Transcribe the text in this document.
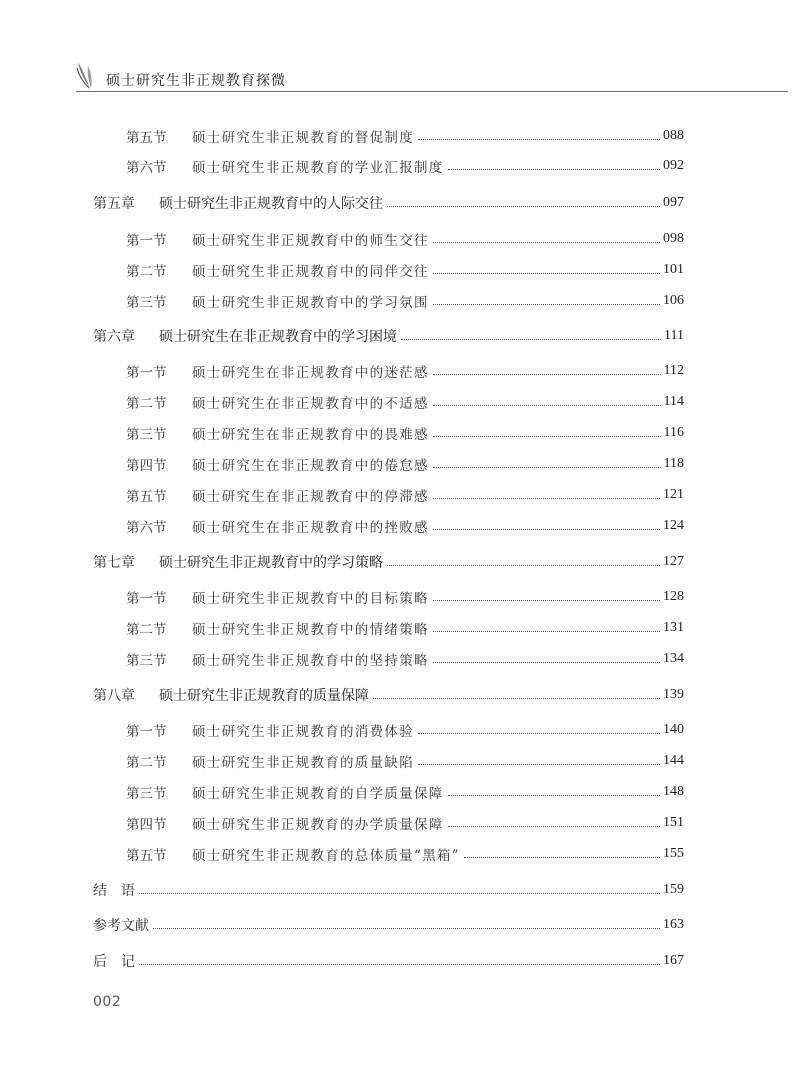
硕士研究生非正规教育探微
第五节	硕士研究生非正规教育的督促制度	088
第六节	硕士研究生非正规教育的学业汇报制度	092
第五章	硕士研究生非正规教育中的人际交往	097
第一节	硕士研究生非正规教育中的师生交往	098
第二节	硕士研究生非正规教育中的同伴交往	101
第三节	硕士研究生非正规教育中的学习氛围	106
第六章	硕士研究生在非正规教育中的学习困境	111
第一节	硕士研究生在非正规教育中的迷茫感	112
第二节	硕士研究生在非正规教育中的不适感	114
第三节	硕士研究生在非正规教育中的畏难感	116
第四节	硕士研究生在非正规教育中的倦怠感	118
第五节	硕士研究生在非正规教育中的停滞感	121
第六节	硕士研究生在非正规教育中的挫败感	124
第七章	硕士研究生非正规教育中的学习策略	127
第一节	硕士研究生非正规教育中的目标策略	128
第二节	硕士研究生非正规教育中的情绪策略	131
第三节	硕士研究生非正规教育中的坚持策略	134
第八章	硕士研究生非正规教育的质量保障	139
第一节	硕士研究生非正规教育的消费体验	140
第二节	硕士研究生非正规教育的质量缺陷	144
第三节	硕士研究生非正规教育的自学质量保障	148
第四节	硕士研究生非正规教育的办学质量保障	151
第五节	硕士研究生非正规教育的总体质量“黑箱”	155
结　语	159
参考文献	163
后　记	167
002
